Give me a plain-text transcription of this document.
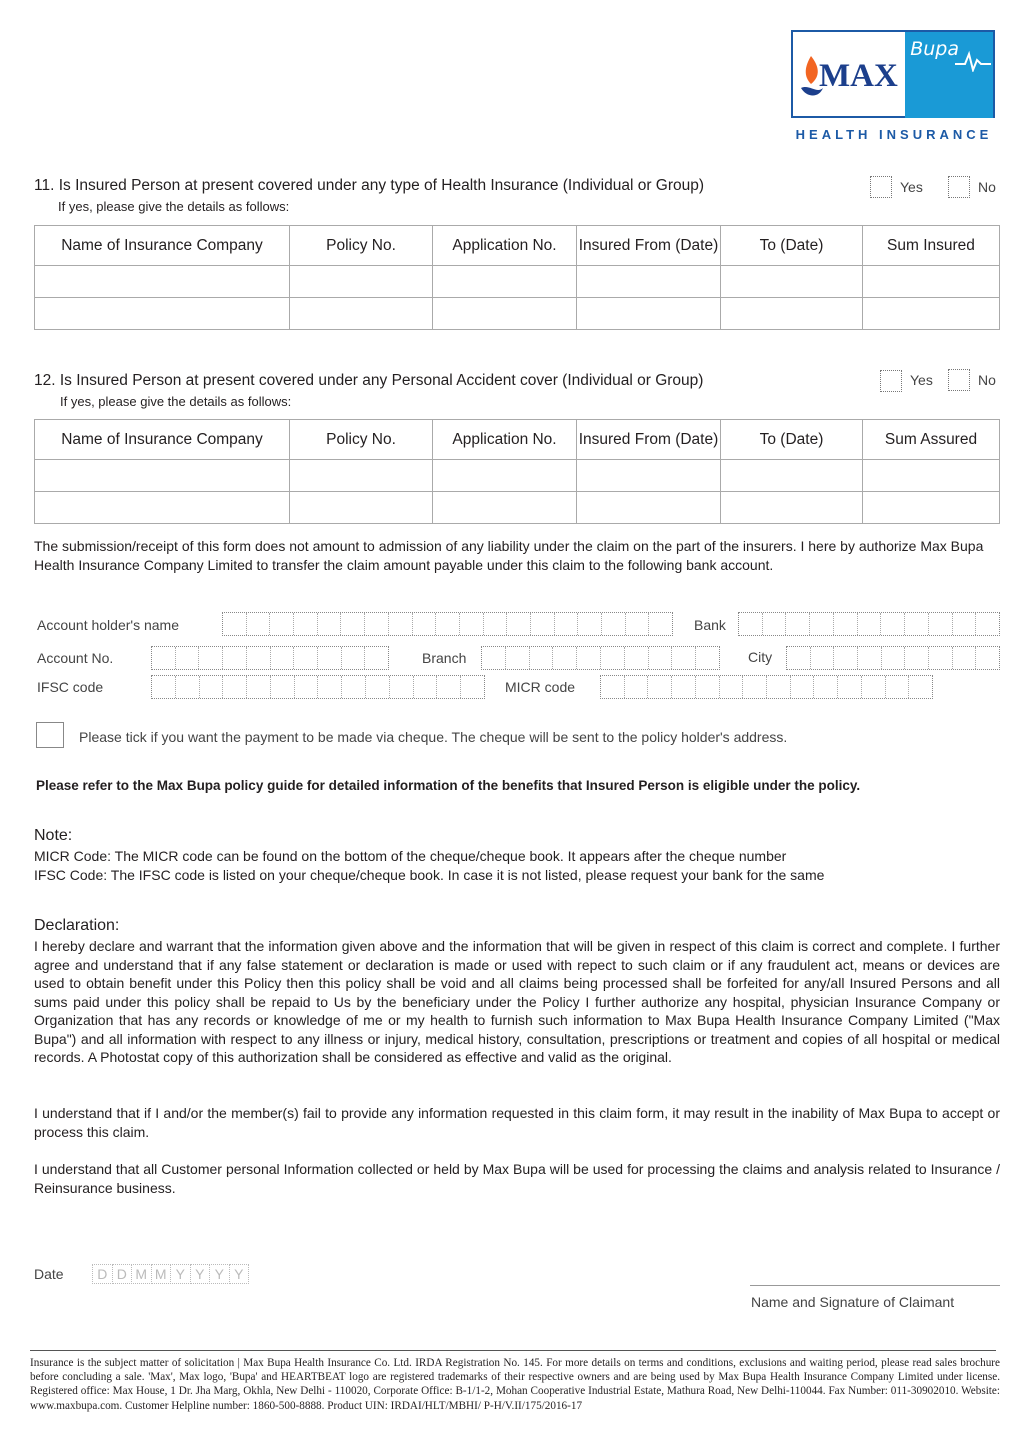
MAX
Bupa
HEALTH INSURANCE
11. Is Insured Person at present covered under any type of Health Insurance (Individual or Group)	Yes	No
If yes, please give the details as follows:
Name of Insurance Company	Policy No.	Application No.	Insured From (Date)	To (Date)	Sum Insured

12. Is Insured Person at present covered under any Personal Accident cover (Individual or Group)	Yes	No
If yes, please give the details as follows:
Name of Insurance Company	Policy No.	Application No.	Insured From (Date)	To (Date)	Sum Assured

The submission/receipt of this form does not amount to admission of any liability under the claim on the part of the insurers. I here by authorize Max Bupa Health Insurance Company Limited to transfer the claim amount payable under this claim to the following bank account.
Account holder's name	Bank
Account No.	Branch	City
IFSC code	MICR code
Please tick if you want the payment to be made via cheque. The cheque will be sent to the policy holder's address.
Please refer to the Max Bupa policy guide for detailed information of the benefits that Insured Person is eligible under the policy.
Note:
MICR Code: The MICR code can be found on the bottom of the cheque/cheque book. It appears after the cheque number
IFSC Code: The IFSC code is listed on your cheque/cheque book. In case it is not listed, please request your bank for the same
Declaration:
I hereby declare and warrant that the information given above and the information that will be given in respect of this claim is correct and complete. I further agree and understand that if any false statement or declaration is made or used with repect to such claim or if any fraudulent act, means or devices are used to obtain benefit under this Policy then this policy shall be void and all claims being processed shall be forfeited for any/all Insured Persons and all sums paid under this policy shall be repaid to Us by the beneficiary under the Policy I further authorize any hospital, physician Insurance Company or Organization that has any records or knowledge of me or my health to furnish such information to Max Bupa Health Insurance Company Limited ("Max Bupa") and all information with respect to any illness or injury, medical history, consultation, prescriptions or treatment and copies of all hospital or medical records. A Photostat copy of this authorization shall be considered as effective and valid as the original.
I understand that if I and/or the member(s) fail to provide any information requested in this claim form, it may result in the inability of Max Bupa to accept or process this claim.
I understand that all Customer personal Information collected or held by Max Bupa will be used for processing the claims and analysis related to Insurance / Reinsurance business.
Date	D D M M Y Y Y Y
Name and Signature of Claimant
Insurance is the subject matter of solicitation | Max Bupa Health Insurance Co. Ltd. IRDA Registration No. 145. For more details on terms and conditions, exclusions and waiting period, please read sales brochure before concluding a sale. 'Max', Max logo, 'Bupa' and HEARTBEAT logo are registered trademarks of their respective owners and are being used by Max Bupa Health Insurance Company Limited under license. Registered office: Max House, 1 Dr. Jha Marg, Okhla, New Delhi - 110020, Corporate Office: B-1/1-2, Mohan Cooperative Industrial Estate, Mathura Road, New Delhi-110044. Fax Number: 011-30902010. Website: www.maxbupa.com. Customer Helpline number: 1860-500-8888. Product UIN: IRDAI/HLT/MBHI/ P-H/V.II/175/2016-17
